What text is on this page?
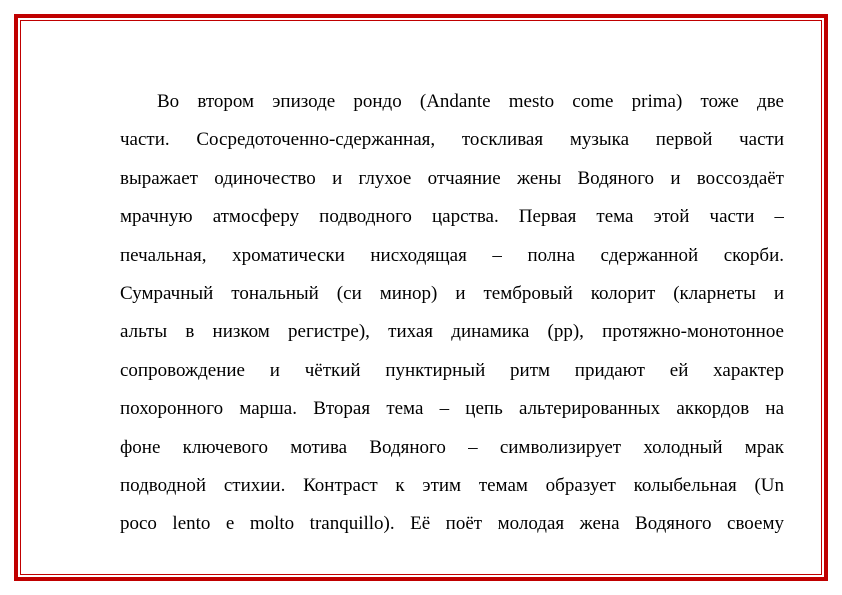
Во втором эпизоде рондо (Andante mesto come prima) тоже две
части. Сосредоточенно-сдержанная, тоскливая музыка первой части
выражает одиночество и глухое отчаяние жены Водяного и воссоздаёт
мрачную атмосферу подводного царства. Первая тема этой части –
печальная, хроматически нисходящая – полна сдержанной скорби.
Сумрачный тональный (си минор) и тембровый колорит (кларнеты и
альты в низком регистре), тихая динамика (pp), протяжно-монотонное
сопровождение и чёткий пунктирный ритм придают ей характер
похоронного марша. Вторая тема – цепь альтерированных аккордов на
фоне ключевого мотива Водяного – символизирует холодный мрак
подводной стихии. Контраст к этим темам образует колыбельная (Un
poco lento e molto tranquillo). Её поёт молодая жена Водяного своему
